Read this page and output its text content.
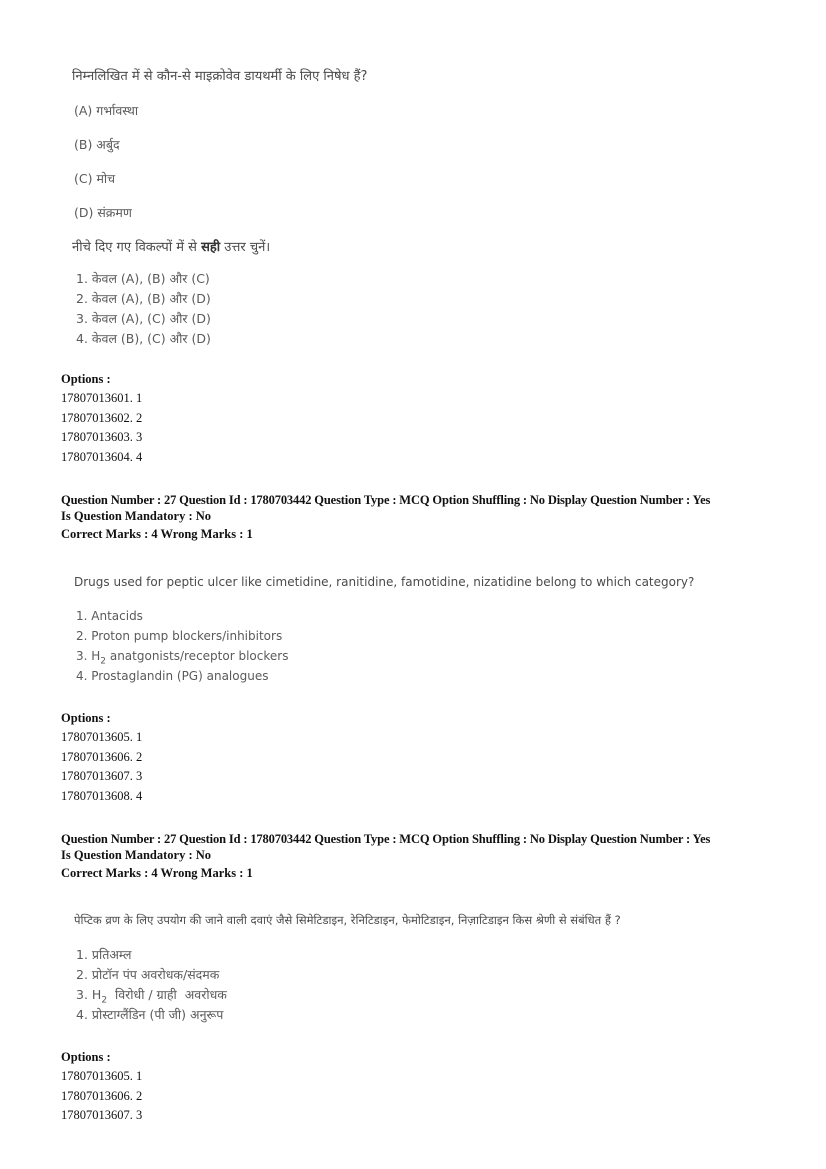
निम्नलिखित में से कौन-से माइक्रोवेव डायथर्मी के लिए निषेध हैं?
(A) गर्भावस्था
(B) अर्बुद
(C) मोच
(D) संक्रमण
नीचे दिए गए विकल्पों में से सही उत्तर चुनें।
1. केवल (A), (B) और (C)
2. केवल (A), (B) और (D)
3. केवल (A), (C) और (D)
4. केवल (B), (C) और (D)
Options :
17807013601. 1
17807013602. 2
17807013603. 3
17807013604. 4
Question Number : 27 Question Id : 1780703442 Question Type : MCQ Option Shuffling : No Display Question Number : Yes
Is Question Mandatory : No
Correct Marks : 4 Wrong Marks : 1
Drugs used for peptic ulcer like cimetidine, ranitidine, famotidine, nizatidine belong to which category?
1. Antacids
2. Proton pump blockers/inhibitors
3. $H_2$ anatgonists/receptor blockers
4. Prostaglandin (PG) analogues
Options :
17807013605. 1
17807013606. 2
17807013607. 3
17807013608. 4
Question Number : 27 Question Id : 1780703442 Question Type : MCQ Option Shuffling : No Display Question Number : Yes
Is Question Mandatory : No
Correct Marks : 4 Wrong Marks : 1
पेप्टिक व्रण के लिए उपयोग की जाने वाली दवाएं जैसे सिमेटिडाइन, रेनिटिडाइन, फेमोटिडाइन, निज़ाटिडाइन किस श्रेणी से संबंधित हैं ?
1. प्रतिअम्ल
2. प्रोटॉन पंप अवरोधक/संदमक
3. $H_2$  विरोधी / ग्राही  अवरोधक
4. प्रोस्टाग्लैंडिन (पी जी) अनुरूप
Options :
17807013605. 1
17807013606. 2
17807013607. 3
